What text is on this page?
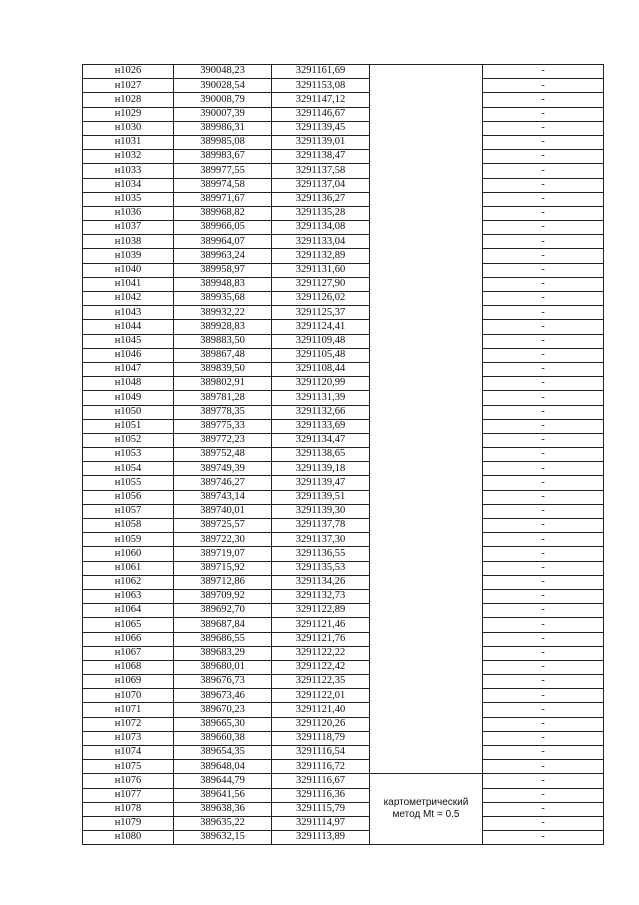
н1026	390048,23	3291161,69		-
н1027	390028,54	3291153,08		-
н1028	390008,79	3291147,12		-
н1029	390007,39	3291146,67		-
н1030	389986,31	3291139,45		-
н1031	389985,08	3291139,01		-
н1032	389983,67	3291138,47		-
н1033	389977,55	3291137,58		-
н1034	389974,58	3291137,04		-
н1035	389971,67	3291136,27		-
н1036	389968,82	3291135,28		-
н1037	389966,05	3291134,08		-
н1038	389964,07	3291133,04		-
н1039	389963,24	3291132,89		-
н1040	389958,97	3291131,60		-
н1041	389948,83	3291127,90		-
н1042	389935,68	3291126,02		-
н1043	389932,22	3291125,37		-
н1044	389928,83	3291124,41		-
н1045	389883,50	3291109,48		-
н1046	389867,48	3291105,48		-
н1047	389839,50	3291108,44		-
н1048	389802,91	3291120,99		-
н1049	389781,28	3291131,39		-
н1050	389778,35	3291132,66		-
н1051	389775,33	3291133,69		-
н1052	389772,23	3291134,47		-
н1053	389752,48	3291138,65		-
н1054	389749,39	3291139,18		-
н1055	389746,27	3291139,47		-
н1056	389743,14	3291139,51		-
н1057	389740,01	3291139,30		-
н1058	389725,57	3291137,78		-
н1059	389722,30	3291137,30		-
н1060	389719,07	3291136,55		-
н1061	389715,92	3291135,53		-
н1062	389712,86	3291134,26		-
н1063	389709,92	3291132,73		-
н1064	389692,70	3291122,89		-
н1065	389687,84	3291121,46		-
н1066	389686,55	3291121,76		-
н1067	389683,29	3291122,22		-
н1068	389680,01	3291122,42		-
н1069	389676,73	3291122,35		-
н1070	389673,46	3291122,01		-
н1071	389670,23	3291121,40		-
н1072	389665,30	3291120,26		-
н1073	389660,38	3291118,79		-
н1074	389654,35	3291116,54		-
н1075	389648,04	3291116,72		-
н1076	389644,79	3291116,67	картометрический метод Mt = 0.5	-
н1077	389641,56	3291116,36		-
н1078	389638,36	3291115,79		-
н1079	389635,22	3291114,97		-
н1080	389632,15	3291113,89		-
